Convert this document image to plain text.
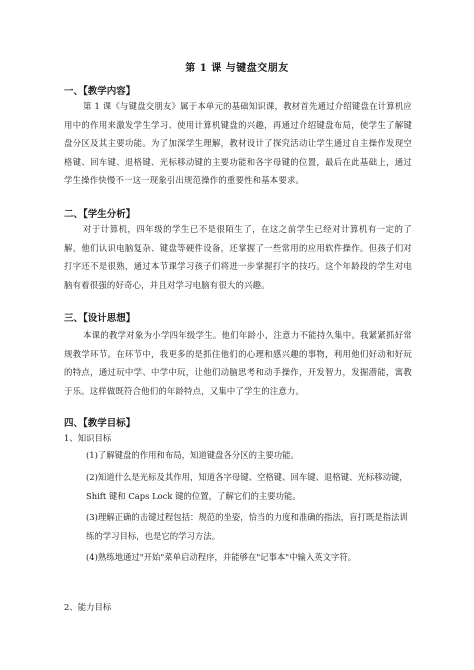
第 1 课 与键盘交朋友
一、【教学内容】
第 1 课《与键盘交朋友》属于本单元的基础知识课，教材首先通过介绍键盘在计算机应用中的作用来激发学生学习、使用计算机键盘的兴趣，再通过介绍键盘布局，使学生了解键盘分区及其主要功能。为了加深学生理解，教材设计了探究活动让学生通过自主操作发现空格键、回车键、退格键、光标移动键的主要功能和各字母键的位置，最后在此基础上，通过学生操作快慢不一这一现象引出规范操作的重要性和基本要求。
二、【学生分析】
对于计算机，四年级的学生已不是很陌生了，在这之前学生已经对计算机有一定的了解，他们认识电脑复杂、键盘等硬件设备，还掌握了一些常用的应用软件操作。但孩子们对打字还不是很熟，通过本节课学习孩子们将进一步掌握打字的技巧。这个年龄段的学生对电脑有着很强的好奇心，并且对学习电脑有很大的兴趣。
三、【设计思想】
本课的教学对象为小学四年级学生。他们年龄小，注意力不能持久集中。我紧紧抓好常规教学环节。在环节中，我更多的是抓住他们的心理和感兴趣的事物，利用他们好动和好玩的特点，通过玩中学、中学中玩，让他们动脑思考和动手操作，开发智力，发掘潜能，寓教于乐。这样做既符合他们的年龄特点，又集中了学生的注意力。
四、【教学目标】
1、知识目标
(1)了解键盘的作用和布局，知道键盘各分区的主要功能。
(2)知道什么是光标及其作用，知道各字母键、空格键、回车键、退格键、光标移动键，Shift 键和 Caps Lock 键的位置，了解它们的主要功能。
(3)理解正确的击键过程包括：规范的坐姿，恰当的力度和准确的指法，盲打既是指法训练的学习目标，也是它的学习方法。
(4)熟练地通过"开始"菜单启动程序，并能够在"记事本"中输入英文字符。
2、能力目标
